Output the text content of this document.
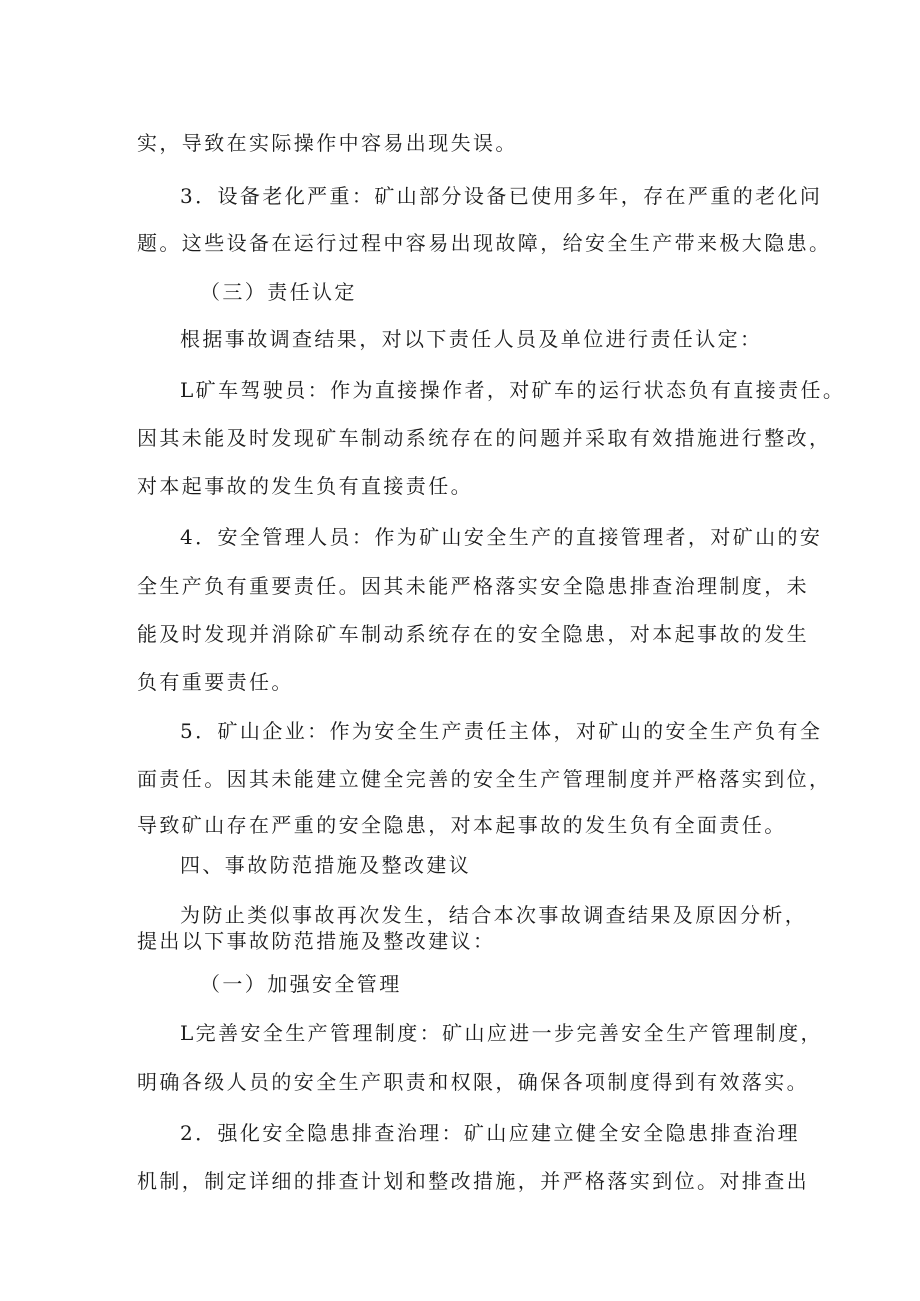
实，导致在实际操作中容易出现失误。
3．设备老化严重：矿山部分设备已使用多年，存在严重的老化问
题。这些设备在运行过程中容易出现故障，给安全生产带来极大隐患。
（三）责任认定
根据事故调查结果，对以下责任人员及单位进行责任认定：
L矿车驾驶员：作为直接操作者，对矿车的运行状态负有直接责任。
因其未能及时发现矿车制动系统存在的问题并采取有效措施进行整改，
对本起事故的发生负有直接责任。
4．安全管理人员：作为矿山安全生产的直接管理者，对矿山的安
全生产负有重要责任。因其未能严格落实安全隐患排查治理制度，未
能及时发现并消除矿车制动系统存在的安全隐患，对本起事故的发生
负有重要责任。
5．矿山企业：作为安全生产责任主体，对矿山的安全生产负有全
面责任。因其未能建立健全完善的安全生产管理制度并严格落实到位，
导致矿山存在严重的安全隐患，对本起事故的发生负有全面责任。
四、事故防范措施及整改建议
为防止类似事故再次发生，结合本次事故调查结果及原因分析，
提出以下事故防范措施及整改建议：
（一）加强安全管理
L完善安全生产管理制度：矿山应进一步完善安全生产管理制度，
明确各级人员的安全生产职责和权限，确保各项制度得到有效落实。
2．强化安全隐患排查治理：矿山应建立健全安全隐患排查治理
机制，制定详细的排查计划和整改措施，并严格落实到位。对排查出
